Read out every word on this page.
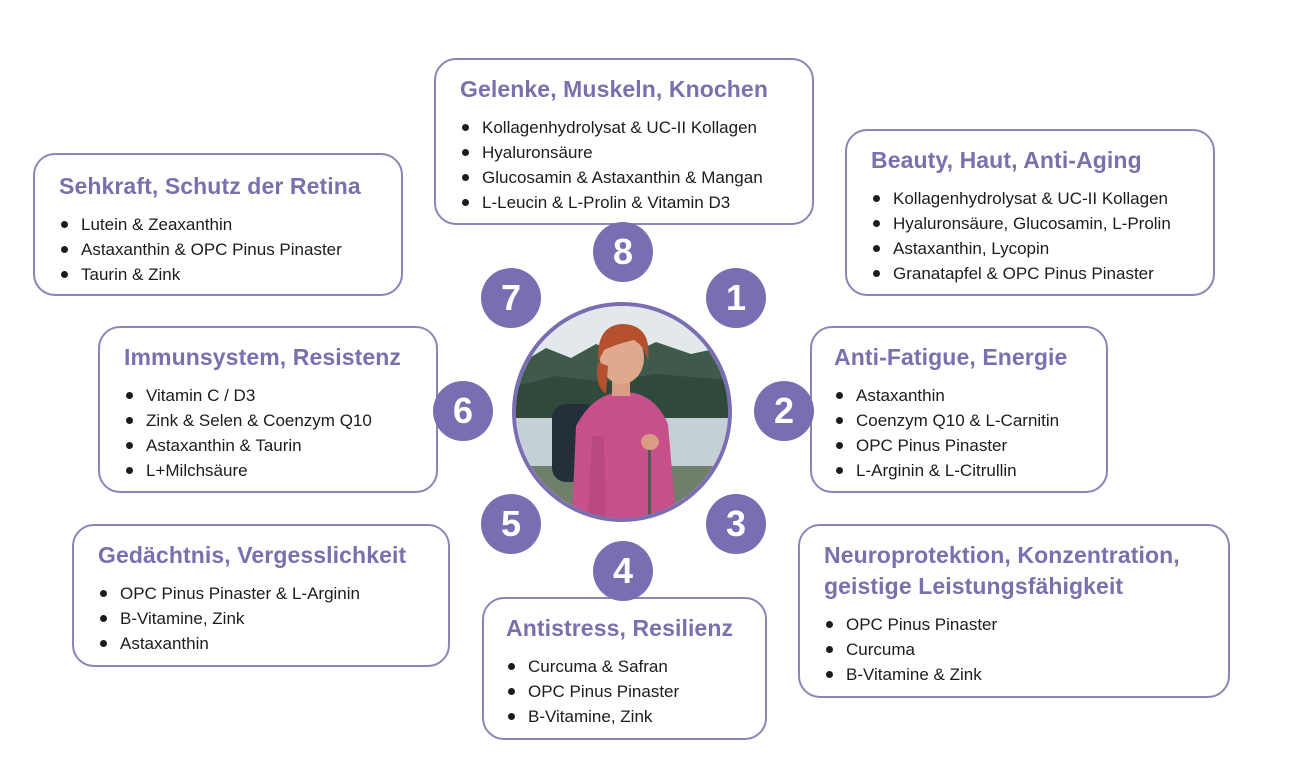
Gelenke, Muskeln, Knochen
Kollagenhydrolysat & UC-II Kollagen
Hyaluronsäure
Glucosamin & Astaxanthin & Mangan
L-Leucin & L-Prolin & Vitamin D3
Sehkraft, Schutz der Retina
Lutein & Zeaxanthin
Astaxanthin & OPC Pinus Pinaster
Taurin & Zink
Beauty, Haut, Anti-Aging
Kollagenhydrolysat & UC-II Kollagen
Hyaluronsäure, Glucosamin, L-Prolin
Astaxanthin, Lycopin
Granatapfel & OPC Pinus Pinaster
Immunsystem, Resistenz
Vitamin C / D3
Zink & Selen & Coenzym Q10
Astaxanthin & Taurin
L+Milchsäure
Anti-Fatigue, Energie
Astaxanthin
Coenzym Q10 & L-Carnitin
OPC Pinus Pinaster
L-Arginin & L-Citrullin
Gedächtnis, Vergesslichkeit
OPC Pinus Pinaster & L-Arginin
B-Vitamine, Zink
Astaxanthin
Neuroprotektion, Konzentration,
geistige Leistungsfähigkeit
OPC Pinus Pinaster
Curcuma
B-Vitamine & Zink
Antistress, Resilienz
Curcuma & Safran
OPC Pinus Pinaster
B-Vitamine, Zink
8
7	1
6	2
5	3
4
